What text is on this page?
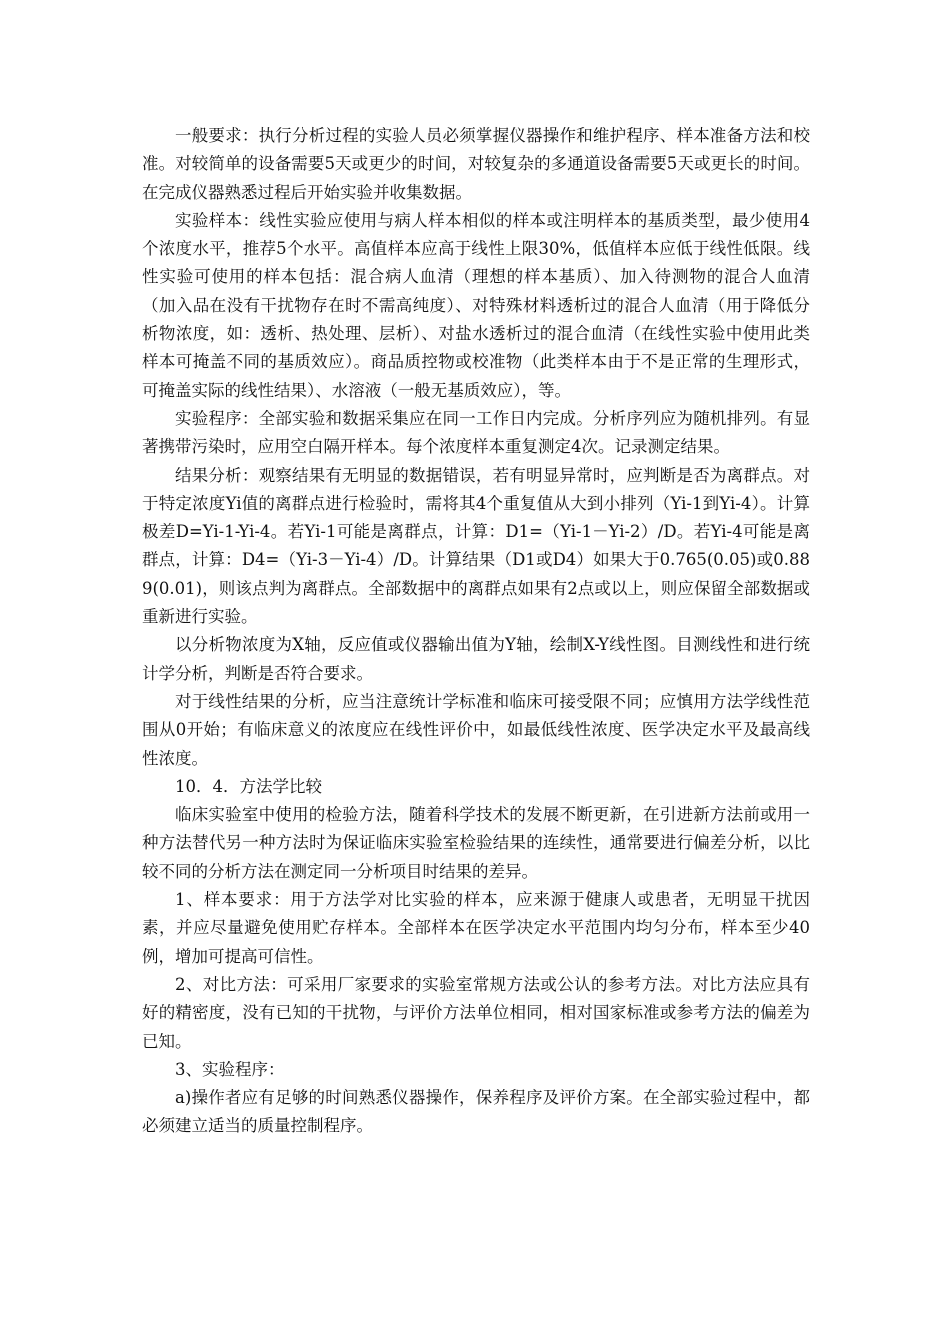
一般要求：执行分析过程的实验人员必须掌握仪器操作和维护程序、样本准备方法和校准。对较简单的设备需要5天或更少的时间，对较复杂的多通道设备需要5天或更长的时间。在完成仪器熟悉过程后开始实验并收集数据。

实验样本：线性实验应使用与病人样本相似的样本或注明样本的基质类型，最少使用4个浓度水平，推荐5个水平。高值样本应高于线性上限30%，低值样本应低于线性低限。线性实验可使用的样本包括：混合病人血清（理想的样本基质）、加入待测物的混合人血清（加入品在没有干扰物存在时不需高纯度）、对特殊材料透析过的混合人血清（用于降低分析物浓度，如：透析、热处理、层析）、对盐水透析过的混合血清（在线性实验中使用此类样本可掩盖不同的基质效应）。商品质控物或校准物（此类样本由于不是正常的生理形式，可掩盖实际的线性结果）、水溶液（一般无基质效应），等。

实验程序：全部实验和数据采集应在同一工作日内完成。分析序列应为随机排列。有显著携带污染时，应用空白隔开样本。每个浓度样本重复测定4次。记录测定结果。

结果分析：观察结果有无明显的数据错误，若有明显异常时，应判断是否为离群点。对于特定浓度Yi值的离群点进行检验时，需将其4个重复值从大到小排列（Yi-1到Yi-4）。计算极差D=Yi-1-Yi-4。若Yi-1可能是离群点，计算：D1=（Yi-1－Yi-2）/D。若Yi-4可能是离群点，计算：D4=（Yi-3－Yi-4）/D。计算结果（D1或D4）如果大于0.765(0.05)或0.889(0.01)，则该点判为离群点。全部数据中的离群点如果有2点或以上，则应保留全部数据或重新进行实验。

以分析物浓度为X轴，反应值或仪器输出值为Y轴，绘制X-Y线性图。目测线性和进行统计学分析，判断是否符合要求。

对于线性结果的分析，应当注意统计学标准和临床可接受限不同；应慎用方法学线性范围从0开始；有临床意义的浓度应在线性评价中，如最低线性浓度、医学决定水平及最高线性浓度。

10．4．方法学比较

临床实验室中使用的检验方法，随着科学技术的发展不断更新，在引进新方法前或用一种方法替代另一种方法时为保证临床实验室检验结果的连续性，通常要进行偏差分析，以比较不同的分析方法在测定同一分析项目时结果的差异。

1、样本要求：用于方法学对比实验的样本，应来源于健康人或患者，无明显干扰因素，并应尽量避免使用贮存样本。全部样本在医学决定水平范围内均匀分布，样本至少40例，增加可提高可信性。

2、对比方法：可采用厂家要求的实验室常规方法或公认的参考方法。对比方法应具有好的精密度，没有已知的干扰物，与评价方法单位相同，相对国家标准或参考方法的偏差为已知。

3、实验程序：

a)操作者应有足够的时间熟悉仪器操作，保养程序及评价方案。在全部实验过程中，都必须建立适当的质量控制程序。
